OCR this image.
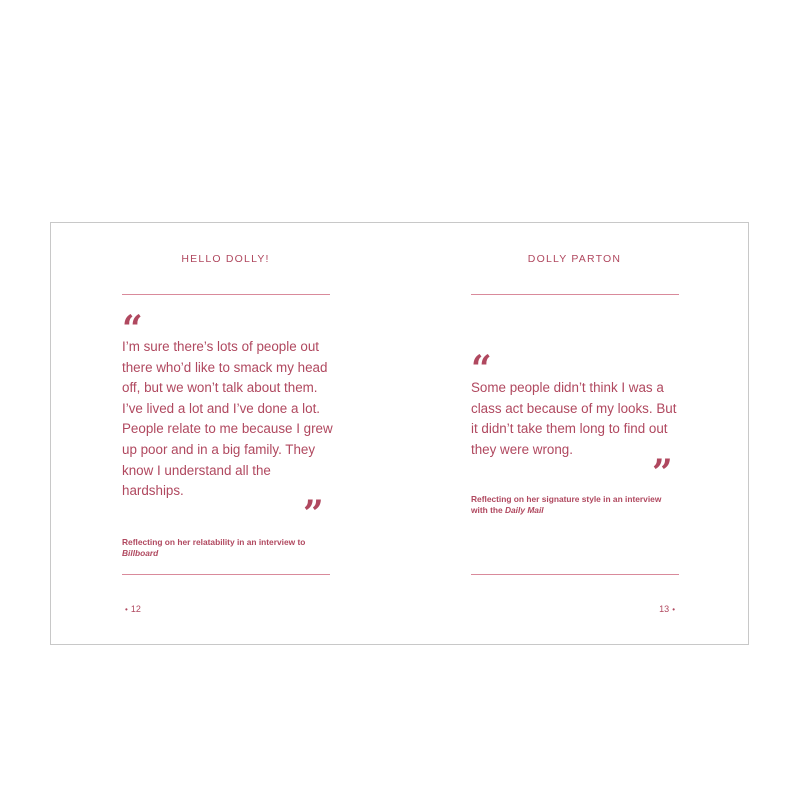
HELLO DOLLY!
“

I’m sure there’s lots of people out there who’d like to smack my head off, but we won’t talk about them. I’ve lived a lot and I’ve done a lot. People relate to me because I grew up poor and in a big family. They know I understand all the hardships.

”
Reflecting on her relatability in an interview to Billboard
• 12
DOLLY PARTON
“

Some people didn’t think I was a class act because of my looks. But it didn’t take them long to find out they were wrong.

”
Reflecting on her signature style in an interview with the Daily Mail
13 •
